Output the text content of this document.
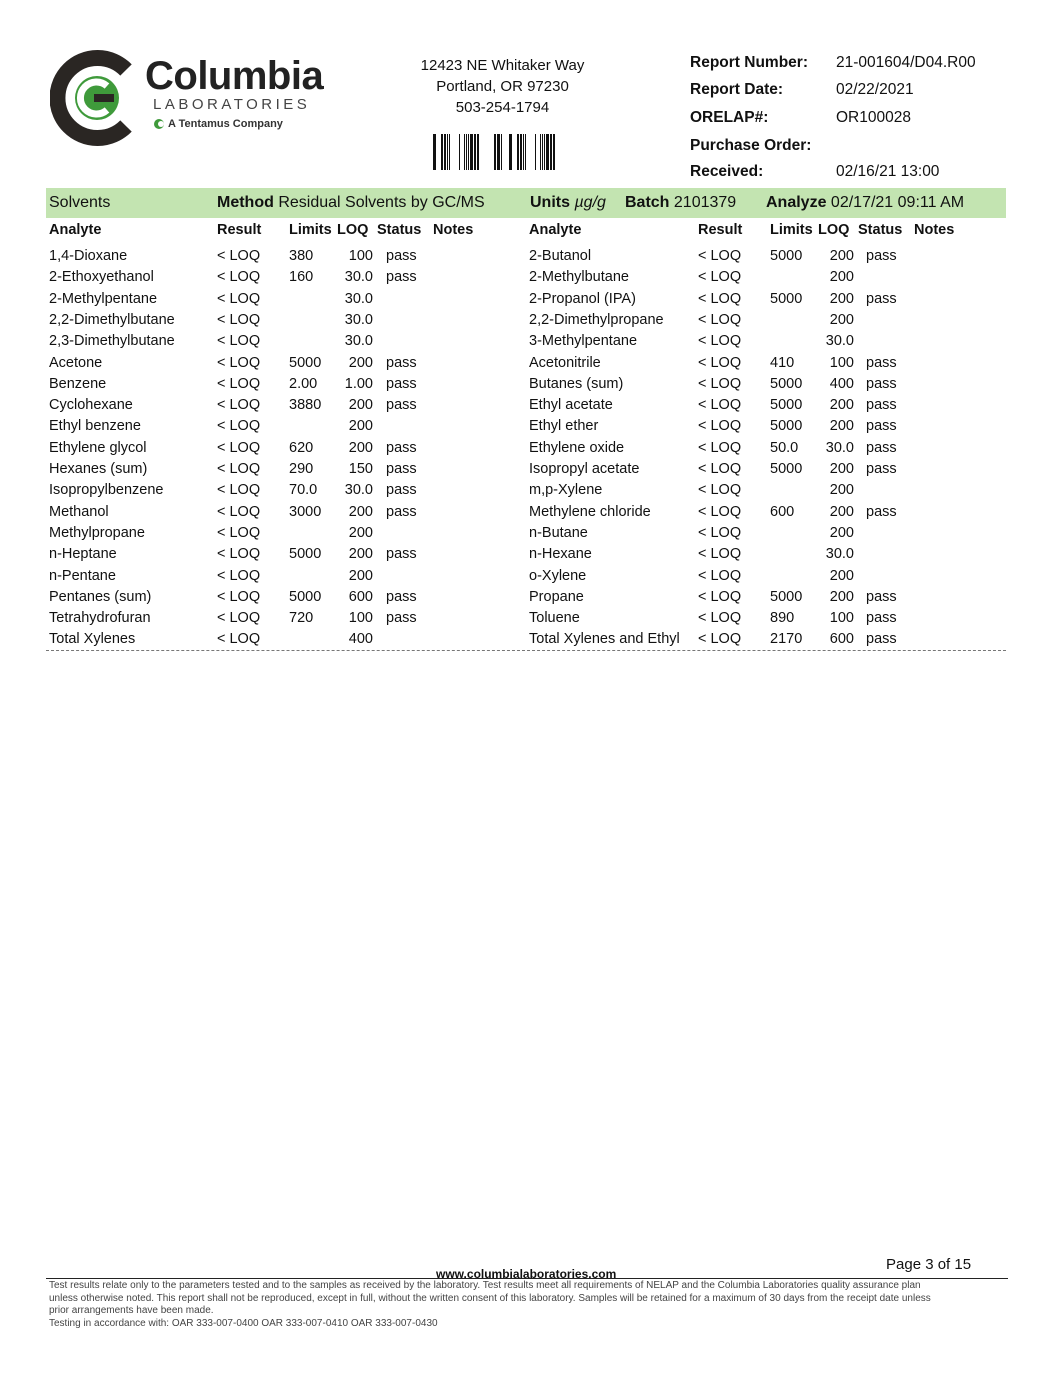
Columbia
LABORATORIES
A Tentamus Company
12423 NE Whitaker Way
Portland, OR 97230
503-254-1794
Report Number: 21-001604/D04.R00
Report Date:	02/22/2021
ORELAP#:	OR100028
Purchase Order:
Received:	02/16/21 13:00
Solvents	Method Residual Solvents by GC/MS	Units µg/g Batch 2101379 Analyze 02/17/21 09:11 AM
Analyte	Result Limits LOQ Status Notes	Analyte	Result Limits LOQ Status Notes
1,4-Dioxane	< LOQ 380	100 pass
2-Ethoxyethanol	< LOQ 160	30.0 pass
2-Methylpentane	< LOQ	30.0
2,2-Dimethylbutane	< LOQ	30.0
2,3-Dimethylbutane	< LOQ	30.0
Acetone	< LOQ 5000	200 pass
Benzene	< LOQ 2.00	1.00 pass
Cyclohexane	< LOQ 3880	200 pass
Ethyl benzene	< LOQ	200
Ethylene glycol	< LOQ 620	200 pass
Hexanes (sum)	< LOQ 290	150 pass
Isopropylbenzene	< LOQ 70.0	30.0 pass
Methanol	< LOQ 3000	200 pass
Methylpropane	< LOQ	200
n-Heptane	< LOQ 5000	200 pass
n-Pentane	< LOQ	200
Pentanes (sum)	< LOQ 5000	600 pass
Tetrahydrofuran	< LOQ 720	100 pass
Total Xylenes	< LOQ	400
2-Butanol	< LOQ 5000	200 pass
2-Methylbutane	< LOQ	200
2-Propanol (IPA)	< LOQ 5000	200 pass
2,2-Dimethylpropane < LOQ	200
3-Methylpentane	< LOQ	30.0
Acetonitrile	< LOQ 410	100 pass
Butanes (sum)	< LOQ 5000	400 pass
Ethyl acetate	< LOQ 5000	200 pass
Ethyl ether	< LOQ 5000	200 pass
Ethylene oxide	< LOQ 50.0	30.0 pass
Isopropyl acetate	< LOQ 5000	200 pass
m,p-Xylene	< LOQ	200
Methylene chloride	< LOQ 600	200 pass
n-Butane	< LOQ	200
n-Hexane	< LOQ	30.0
o-Xylene	< LOQ	200
Propane	< LOQ 5000	200 pass
Toluene	< LOQ 890	100 pass
Total Xylenes and Ethyl < LOQ 2170	600 pass
Page 3 of 15
www.columbialaboratories.com
Test results relate only to the parameters tested and to the samples as received by the laboratory. Test results meet all requirements of NELAP and the Columbia Laboratories quality assurance plan
unless otherwise noted. This report shall not be reproduced, except in full, without the written consent of this laboratory. Samples will be retained for a maximum of 30 days from the receipt date unless
prior arrangements have been made.
Testing in accordance with: OAR 333-007-0400 OAR 333-007-0410 OAR 333-007-0430
